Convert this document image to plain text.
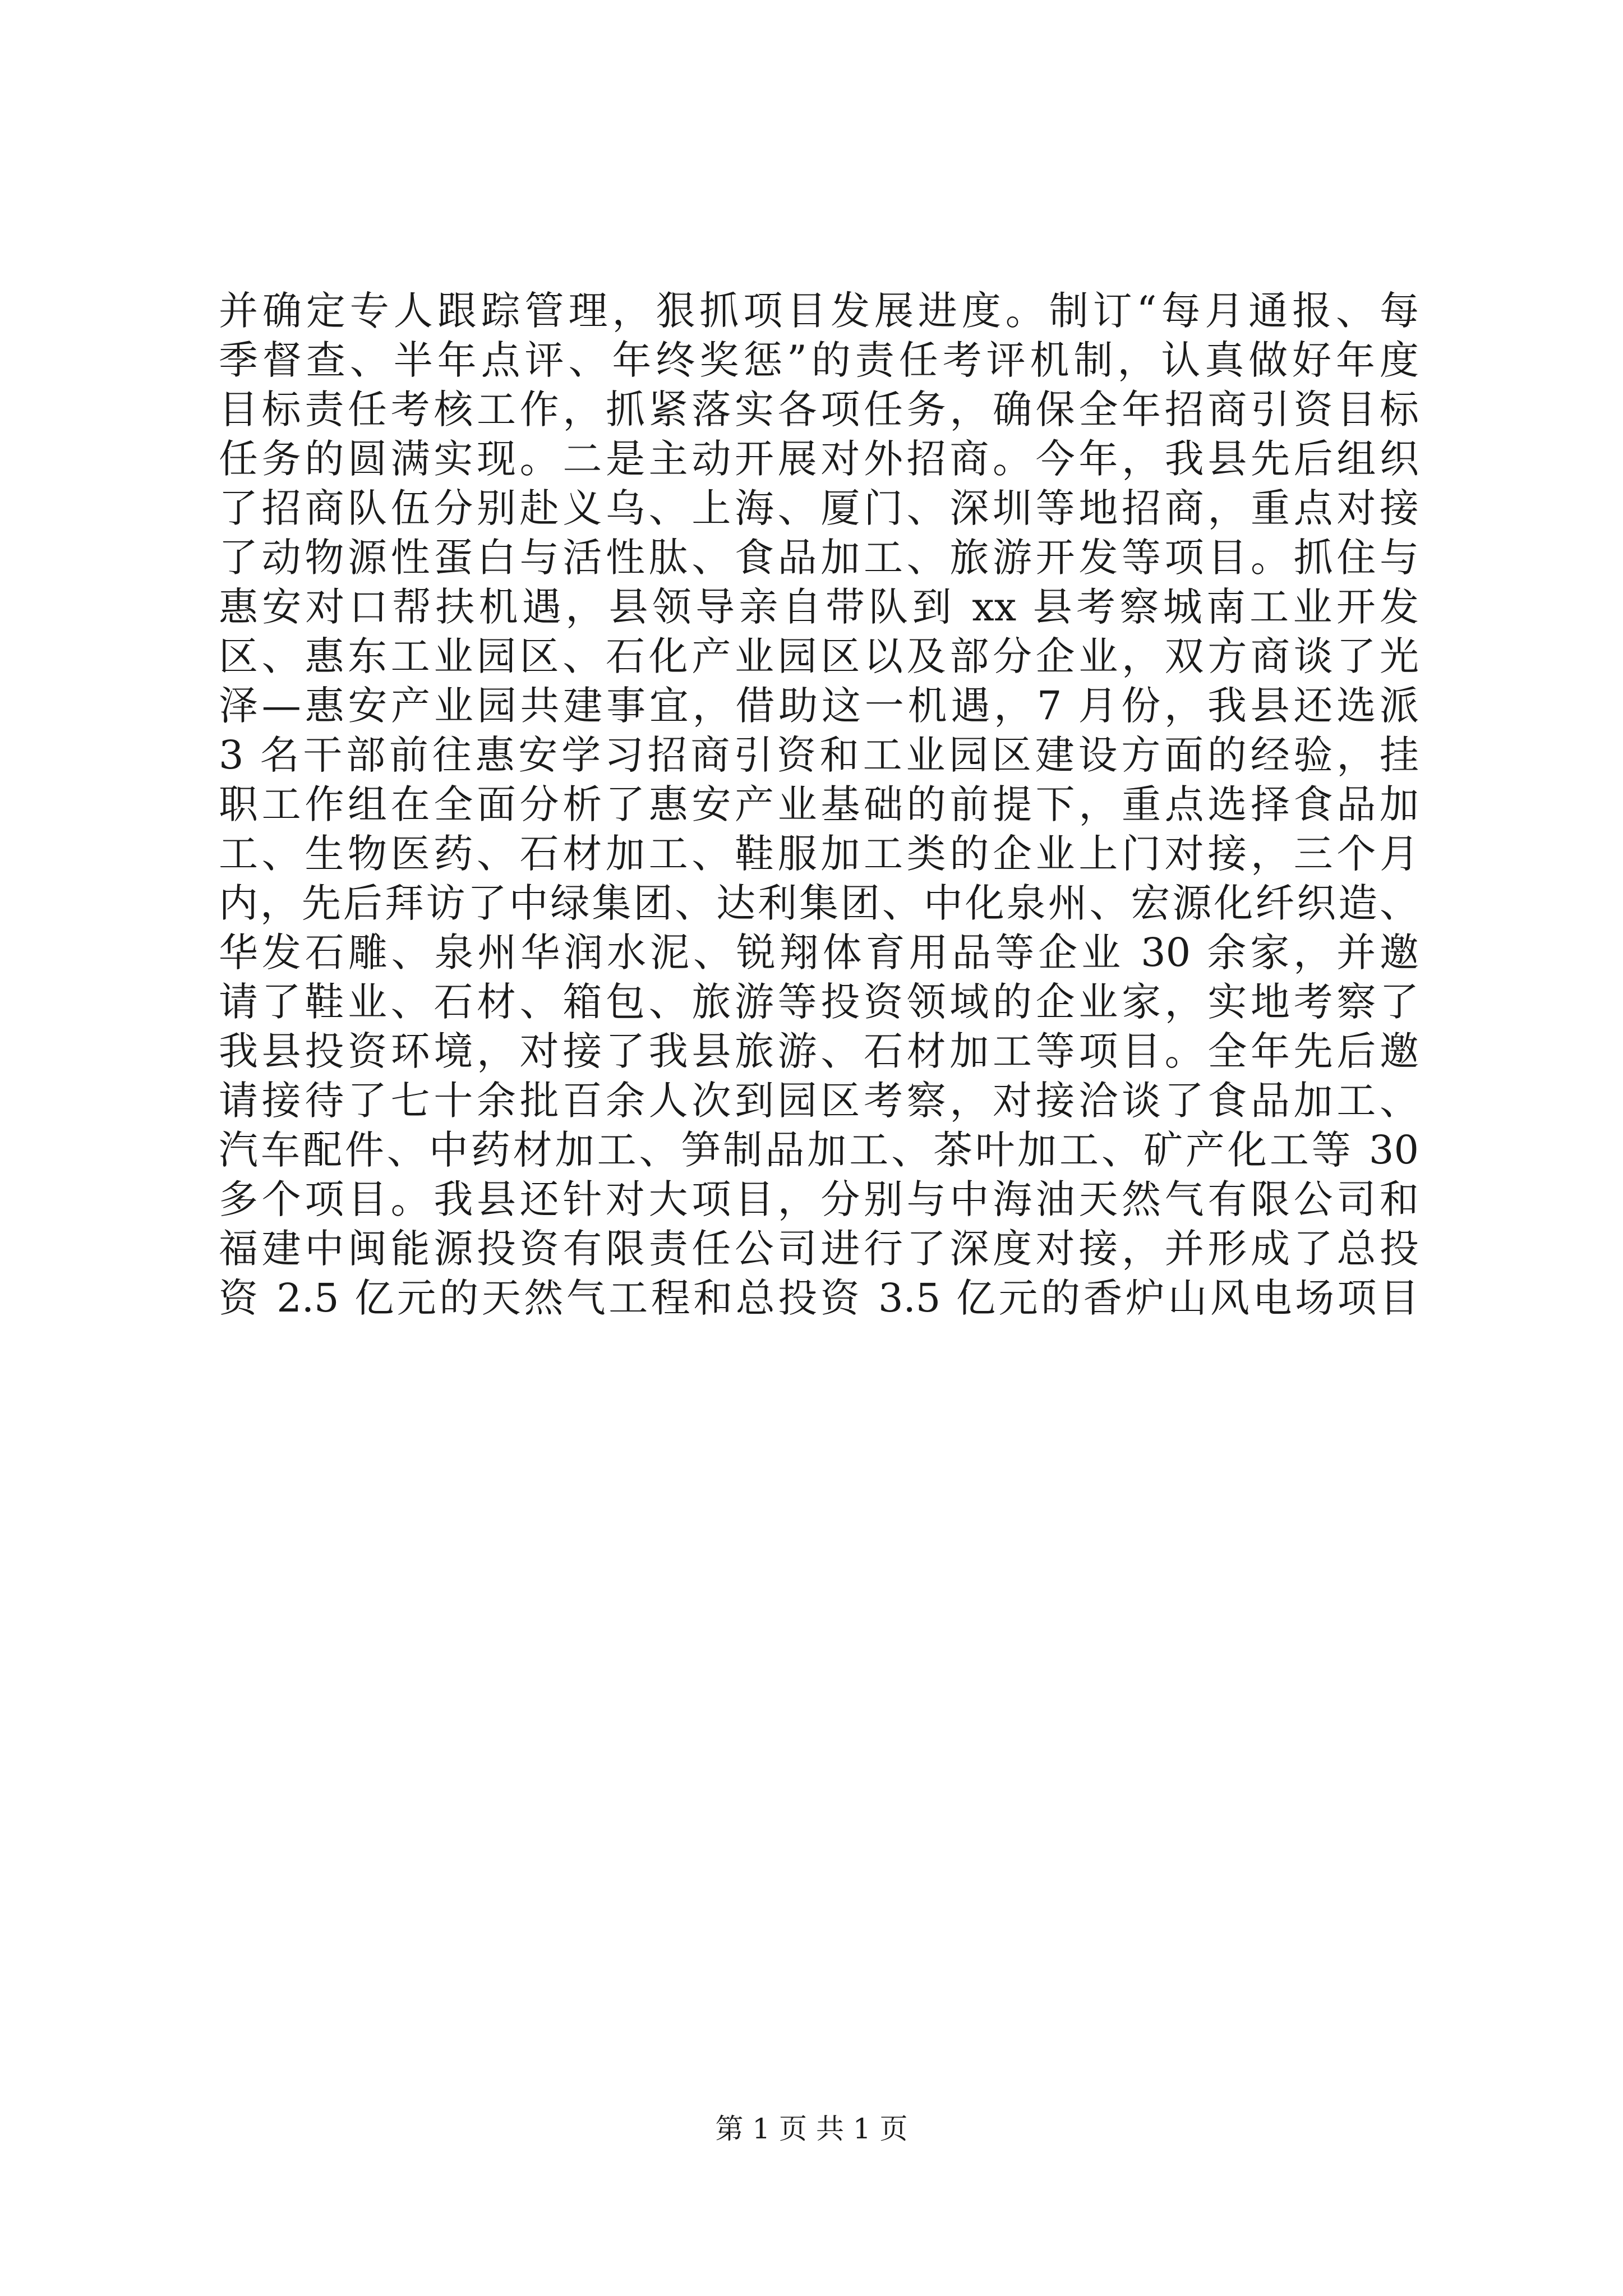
并确定专人跟踪管理，狠抓项目发展进度。制订“每月通报、每
季督查、半年点评、年终奖惩”的责任考评机制，认真做好年度
目标责任考核工作，抓紧落实各项任务，确保全年招商引资目标
任务的圆满实现。二是主动开展对外招商。今年，我县先后组织
了招商队伍分别赴义乌、上海、厦门、深圳等地招商，重点对接
了动物源性蛋白与活性肽、食品加工、旅游开发等项目。抓住与
惠安对口帮扶机遇，县领导亲自带队到 xx 县考察城南工业开发
区、惠东工业园区、石化产业园区以及部分企业，双方商谈了光
泽—惠安产业园共建事宜，借助这一机遇，7 月份，我县还选派
3 名干部前往惠安学习招商引资和工业园区建设方面的经验，挂
职工作组在全面分析了惠安产业基础的前提下，重点选择食品加
工、生物医药、石材加工、鞋服加工类的企业上门对接，三个月
内，先后拜访了中绿集团、达利集团、中化泉州、宏源化纤织造、
华发石雕、泉州华润水泥、锐翔体育用品等企业 30 余家，并邀
请了鞋业、石材、箱包、旅游等投资领域的企业家，实地考察了
我县投资环境，对接了我县旅游、石材加工等项目。全年先后邀
请接待了七十余批百余人次到园区考察，对接洽谈了食品加工、
汽车配件、中药材加工、笋制品加工、茶叶加工、矿产化工等 30
多个项目。我县还针对大项目，分别与中海油天然气有限公司和
福建中闽能源投资有限责任公司进行了深度对接，并形成了总投
资 2.5 亿元的天然气工程和总投资 3.5 亿元的香炉山风电场项目
第 1 页 共 1 页
